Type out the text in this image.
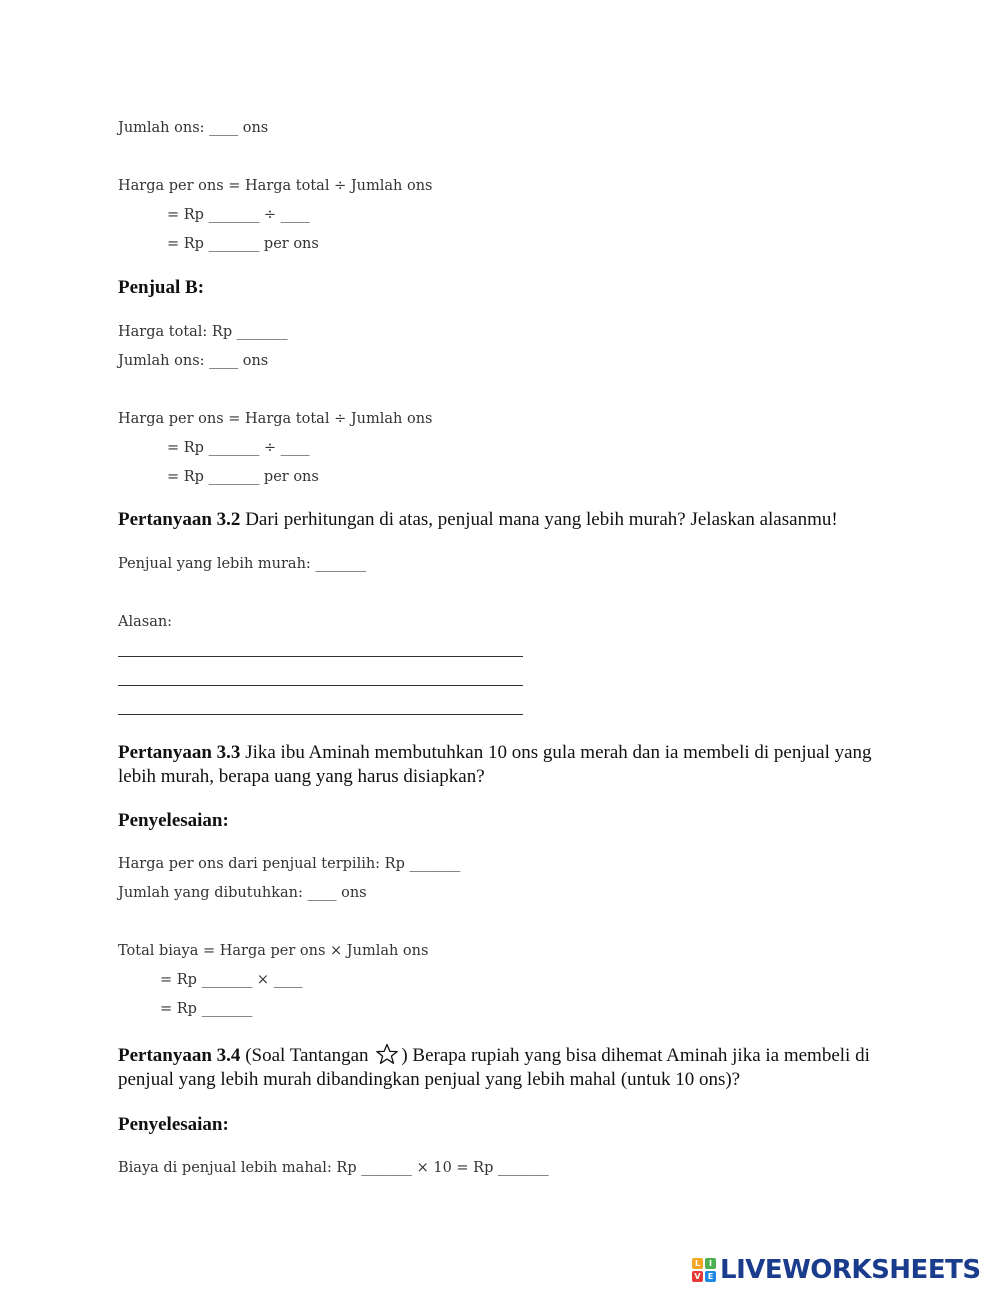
Jumlah ons: ____ ons
Harga per ons = Harga total ÷ Jumlah ons
= Rp _______ ÷ ____
= Rp _______ per ons
Penjual B:
Harga total: Rp _______
Jumlah ons: ____ ons
Harga per ons = Harga total ÷ Jumlah ons
= Rp _______ ÷ ____
= Rp _______ per ons
Pertanyaan 3.2 Dari perhitungan di atas, penjual mana yang lebih murah? Jelaskan alasanmu!
Penjual yang lebih murah: _______
Alasan:
Pertanyaan 3.3 Jika ibu Aminah membutuhkan 10 ons gula merah dan ia membeli di penjual yang lebih murah, berapa uang yang harus disiapkan?
Penyelesaian:
Harga per ons dari penjual terpilih: Rp _______
Jumlah yang dibutuhkan: ____ ons
Total biaya = Harga per ons × Jumlah ons
= Rp _______ × ____
= Rp _______
Pertanyaan 3.4 (Soal Tantangan ) Berapa rupiah yang bisa dihemat Aminah jika ia membeli di penjual yang lebih murah dibandingkan penjual yang lebih mahal (untuk 10 ons)?
Penyelesaian:
Biaya di penjual lebih mahal: Rp _______ × 10 = Rp _______
L	I
V E LIVEWORKSHEETS
